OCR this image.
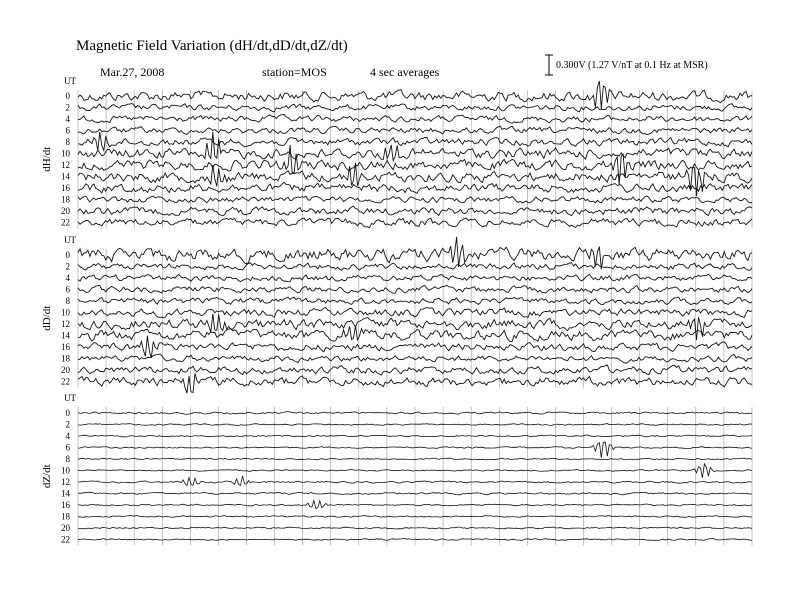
Magnetic Field Variation (dH/dt,dD/dt,dZ/dt)
Mar.27, 2008	station=MOS	4 sec averages	0.300V (1.27 V/nT at 0.1 Hz at MSR)
UT
dH/dt
0
2
4
6
8
10
12
14
16
18
20
22
UT
dD/dt
0
2
4
6
8
10
12
14
16
18
20
22
UT
dZ/dt
0
2
4
6
8
10
12
14
16
18
20
22
